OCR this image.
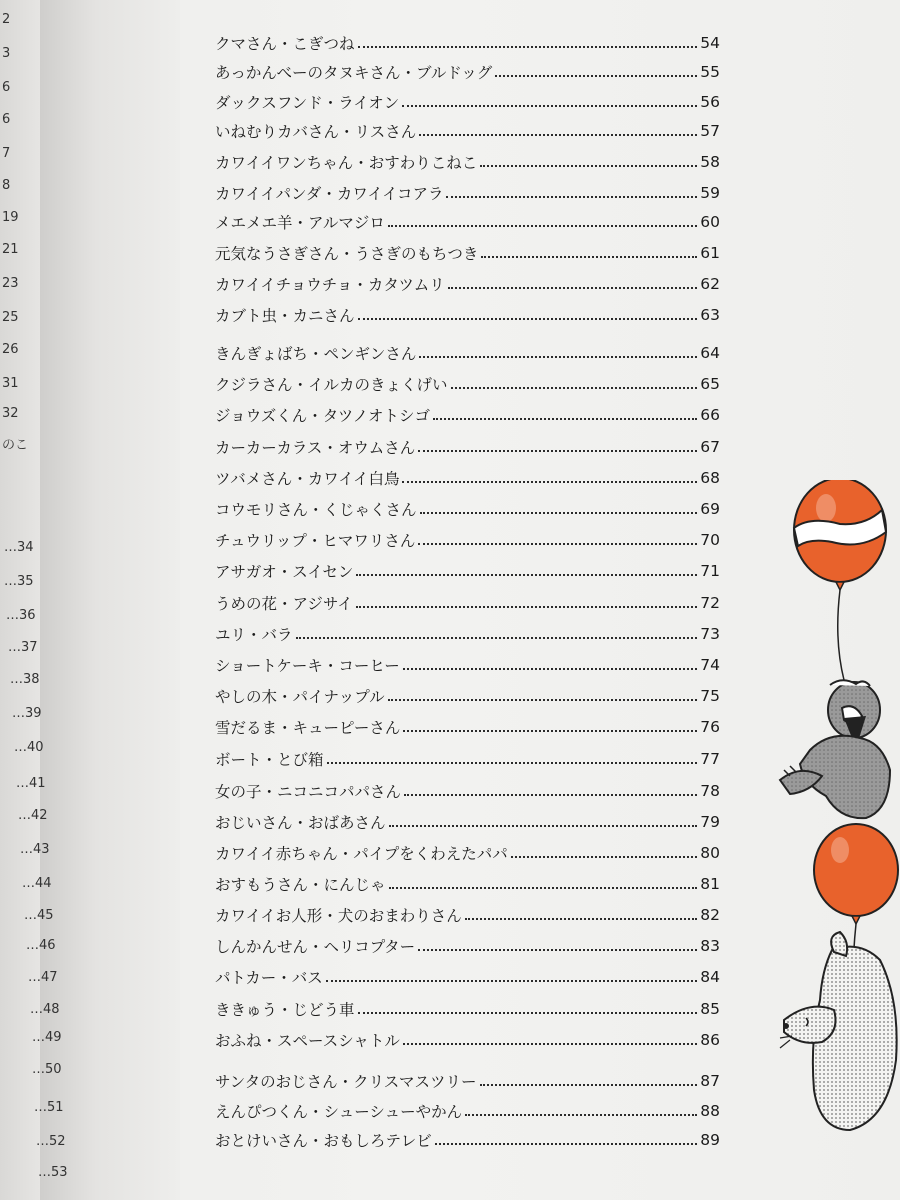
2
3
6
6
7
8
19
21
23
25
26
31
32
のこ
…34
…35
…36
…37
…38
…39
…40
…41
…42
…43
…44
…45
…46
…47
…48
…49
…50
…51
…52
…53
クマさん・こぎつね	54
あっかんべーのタヌキさん・ブルドッグ	55
ダックスフンド・ライオン	56
いねむりカバさん・リスさん	57
カワイイワンちゃん・おすわりこねこ	58
カワイイパンダ・カワイイコアラ	59
メエメエ羊・アルマジロ	60
元気なうさぎさん・うさぎのもちつき	61
カワイイチョウチョ・カタツムリ	62
カブト虫・カニさん	63
きんぎょばち・ペンギンさん	64
クジラさん・イルカのきょくげい	65
ジョウズくん・タツノオトシゴ	66
カーカーカラス・オウムさん	67
ツバメさん・カワイイ白鳥	68
コウモリさん・くじゃくさん	69
チュウリップ・ヒマワリさん	70
アサガオ・スイセン	71
うめの花・アジサイ	72
ユリ・バラ	73
ショートケーキ・コーヒー	74
やしの木・パイナップル	75
雪だるま・キューピーさん	76
ボート・とび箱	77
女の子・ニコニコパパさん	78
おじいさん・おばあさん	79
カワイイ赤ちゃん・パイプをくわえたパパ	80
おすもうさん・にんじゃ	81
カワイイお人形・犬のおまわりさん	82
しんかんせん・ヘリコプター	83
パトカー・バス	84
ききゅう・じどう車	85
おふね・スペースシャトル	86
サンタのおじさん・クリスマスツリー	87
えんぴつくん・シューシューやかん	88
おとけいさん・おもしろテレビ	89
